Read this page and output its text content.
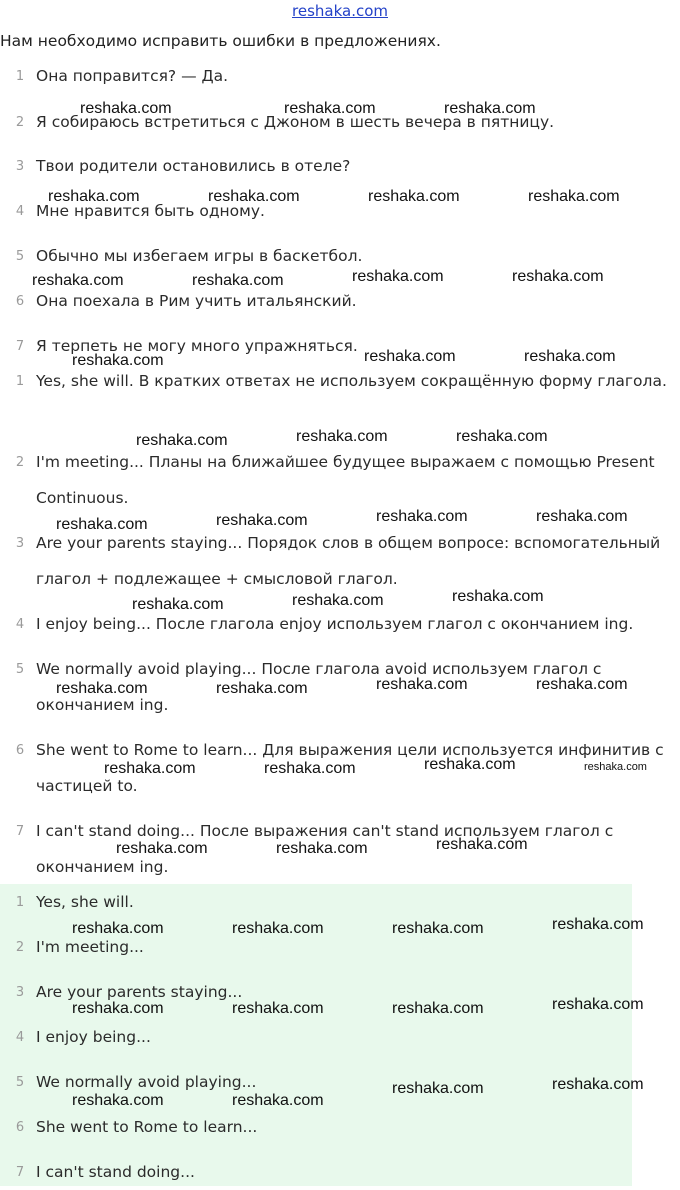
reshaka.com
Нам необходимо исправить ошибки в предложениях.
1 Она поправится? — Да.
2 Я собираюсь встретиться с Джоном в шесть вечера в пятницу.
3 Твои родители остановились в отеле?
4 Мне нравится быть одному.
5 Обычно мы избегаем игры в баскетбол.
6 Она поехала в Рим учить итальянский.
7 Я терпеть не могу много упражняться.
1 Yes, she will. В кратких ответах не используем сокращённую форму глагола.
2 I'm meeting... Планы на ближайшее будущее выражаем с помощью Present Continuous.
3 Are your parents staying... Порядок слов в общем вопросе: вспомогательный глагол + подлежащее + смысловой глагол.
4 I enjoy being... После глагола enjoy используем глагол с окончанием ing.
5 We normally avoid playing... После глагола avoid используем глагол с окончанием ing.
6 She went to Rome to learn... Для выражения цели используется инфинитив с частицей to.
7 I can't stand doing... После выражения can't stand используем глагол с окончанием ing.
1 Yes, she will.
2 I'm meeting...
3 Are your parents staying...
4 I enjoy being...
5 We normally avoid playing...
6 She went to Rome to learn...
7 I can't stand doing...
reshaka.com	reshaka.com	reshaka.com
reshaka.com	reshaka.com	reshaka.com	reshaka.com
reshaka.com	reshaka.com	reshaka.com	reshaka.com
reshaka.com	reshaka.com	reshaka.com
reshaka.com	reshaka.com	reshaka.com
reshaka.com	reshaka.com	reshaka.com	reshaka.com
reshaka.com	reshaka.com	reshaka.com
reshaka.com	reshaka.com	reshaka.com	reshaka.com
reshaka.com	reshaka.com	reshaka.com	reshaka.com
reshaka.com	reshaka.com	reshaka.com
reshaka.com	reshaka.com	reshaka.com	reshaka.com
reshaka.com	reshaka.com	reshaka.com	reshaka.com
reshaka.com	reshaka.com
reshaka.com	reshaka.com
